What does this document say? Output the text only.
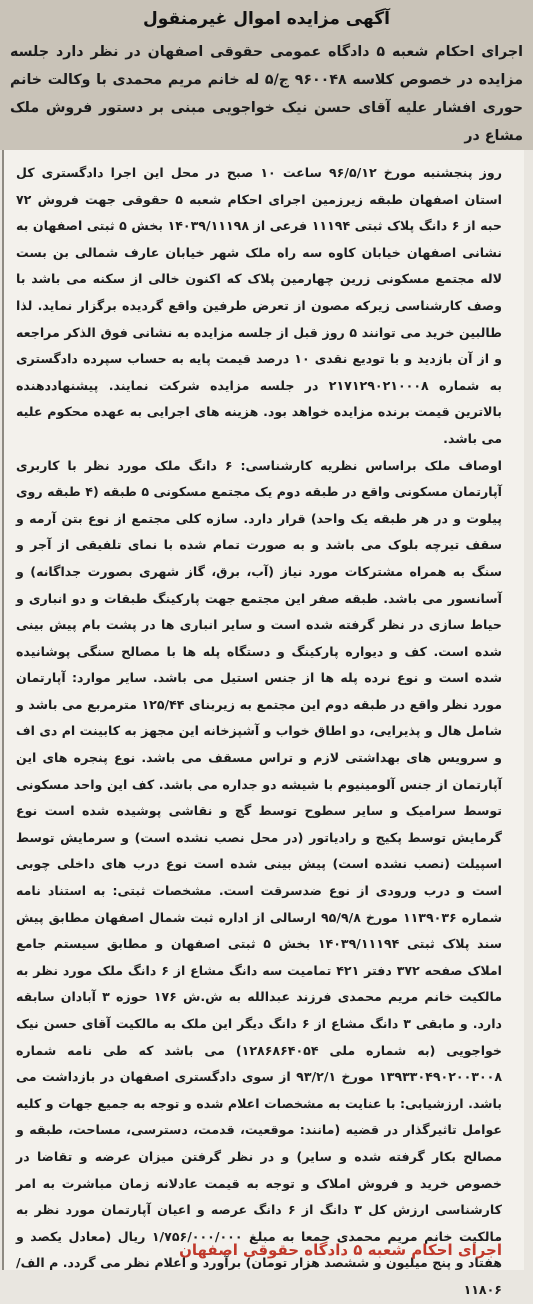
آگهی مزایده اموال غیرمنقول

اجرای احکام شعبه ۵ دادگاه عمومی حقوقی اصفهان در نظر دارد جلسه مزایده در خصوص کلاسه ۹۶۰۰۴۸ ج/۵ له خانم مریم محمدی با وکالت خانم حوری افشار علیه آقای حسن نیک خواجویی مبنی بر دستور فروش ملک مشاع در

روز پنجشنبه مورخ ۹۶/۵/۱۲ ساعت ۱۰ صبح در محل این اجرا دادگستری کل استان اصفهان طبقه زیرزمین اجرای احکام شعبه ۵ حقوقی جهت فروش ۷۲ حبه از ۶ دانگ پلاک ثبتی ۱۱۱۹۴ فرعی از ۱۴۰۳۹/۱۱۱۹۸ بخش ۵ ثبتی اصفهان به نشانی اصفهان خیابان کاوه سه راه ملک شهر خیابان عارف شمالی بن بست لاله مجتمع مسکونی زرین چهارمین پلاک که اکنون خالی از سکنه می باشد با وصف کارشناسی زیرکه مصون از تعرض طرفین واقع گردیده برگزار نماید. لذا طالبین خرید می توانند ۵ روز قبل از جلسه مزایده به نشانی فوق الذکر مراجعه و از آن بازدید و با تودیع نقدی ۱۰ درصد قیمت پایه به حساب سپرده دادگستری به شماره ۲۱۷۱۲۹۰۲۱۰۰۰۸ در جلسه مزایده شرکت نمایند. پیشنهاددهنده بالاترین قیمت برنده مزایده خواهد بود. هزینه های اجرایی به عهده محکوم علیه می باشد.

اوصاف ملک براساس نظریه کارشناسی: ۶ دانگ ملک مورد نظر با کاربری آپارتمان مسکونی واقع در طبقه دوم یک مجتمع مسکونی ۵ طبقه (۴ طبقه روی پیلوت و در هر طبقه یک واحد) قرار دارد. سازه کلی مجتمع از نوع بتن آرمه و سقف تیرچه بلوک می باشد و به صورت تمام شده با نمای تلفیقی از آجر و سنگ به همراه مشترکات مورد نیاز (آب، برق، گاز شهری بصورت جداگانه) و آسانسور می باشد. طبقه صفر این مجتمع جهت پارکینگ طبقات و دو انباری و حیاط سازی در نظر گرفته شده است و سایر انباری ها در پشت بام پیش بینی شده است. کف و دیواره پارکینگ و دستگاه پله ها با مصالح سنگی پوشانیده شده است و نوع نرده پله ها از جنس استیل می باشد. سایر موارد: آپارتمان مورد نظر واقع در طبقه دوم این مجتمع به زیربنای ۱۲۵/۴۴ مترمربع می باشد و شامل هال و پذیرایی، دو اطاق خواب و آشپزخانه این مجهز به کابینت ام دی اف و سرویس های بهداشتی لازم و تراس مسقف می باشد. نوع پنجره های این آپارتمان از جنس آلومینیوم با شیشه دو جداره می باشد. کف این واحد مسکونی توسط سرامیک و سایر سطوح توسط گچ و نقاشی پوشیده شده است نوع گرمایش توسط پکیج و رادیاتور (در محل نصب نشده است) و سرمایش توسط اسپیلت (نصب نشده است) پیش بینی شده است نوع درب های داخلی چوبی است و درب ورودی از نوع ضدسرقت است. مشخصات ثبتی: به استناد نامه شماره ۱۱۳۹۰۳۶ مورخ ۹۵/۹/۸ ارسالی از اداره ثبت شمال اصفهان مطابق پیش سند پلاک ثبتی ۱۴۰۳۹/۱۱۱۹۴ بخش ۵ ثبتی اصفهان و مطابق سیستم جامع املاک صفحه ۳۷۲ دفتر ۴۲۱ تمامیت سه دانگ مشاع از ۶ دانگ ملک مورد نظر به مالکیت خانم مریم محمدی فرزند عبدالله به ش.ش ۱۷۶ حوزه ۳ آبادان سابقه دارد. و مابقی ۳ دانگ مشاع از ۶ دانگ دیگر این ملک به مالکیت آقای حسن نیک خواجویی (به شماره ملی ۱۲۸۶۸۶۴۰۵۴) می باشد که طی نامه شماره ۱۳۹۳۳۰۴۹۰۲۰۰۳۰۰۸ مورخ ۹۳/۲/۱ از سوی دادگستری اصفهان در بازداشت می باشد. ارزشیابی: با عنایت به مشخصات اعلام شده و توجه به جمیع جهات و کلیه عوامل تاثیرگذار در قضیه (مانند: موقعیت، قدمت، دسترسی، مساحت، طبقه و مصالح بکار گرفته شده و سایر) و در نظر گرفتن میزان عرضه و تقاضا در خصوص خرید و فروش املاک و توجه به قیمت عادلانه زمان مباشرت به امر کارشناسی ارزش کل ۳ دانگ از ۶ دانگ عرصه و اعیان آپارتمان مورد نظر به مالکیت خانم مریم محمدی جمعا به مبلغ ۱/۷۵۶/۰۰۰/۰۰۰ ریال (معادل یکصد و هفتاد و پنج میلیون و ششصد هزار تومان) برآورد و اعلام نظر می گردد. م الف/ ۱۱۸۰۶

اجرای احکام شعبه ۵ دادگاه حقوقی اصفهان
